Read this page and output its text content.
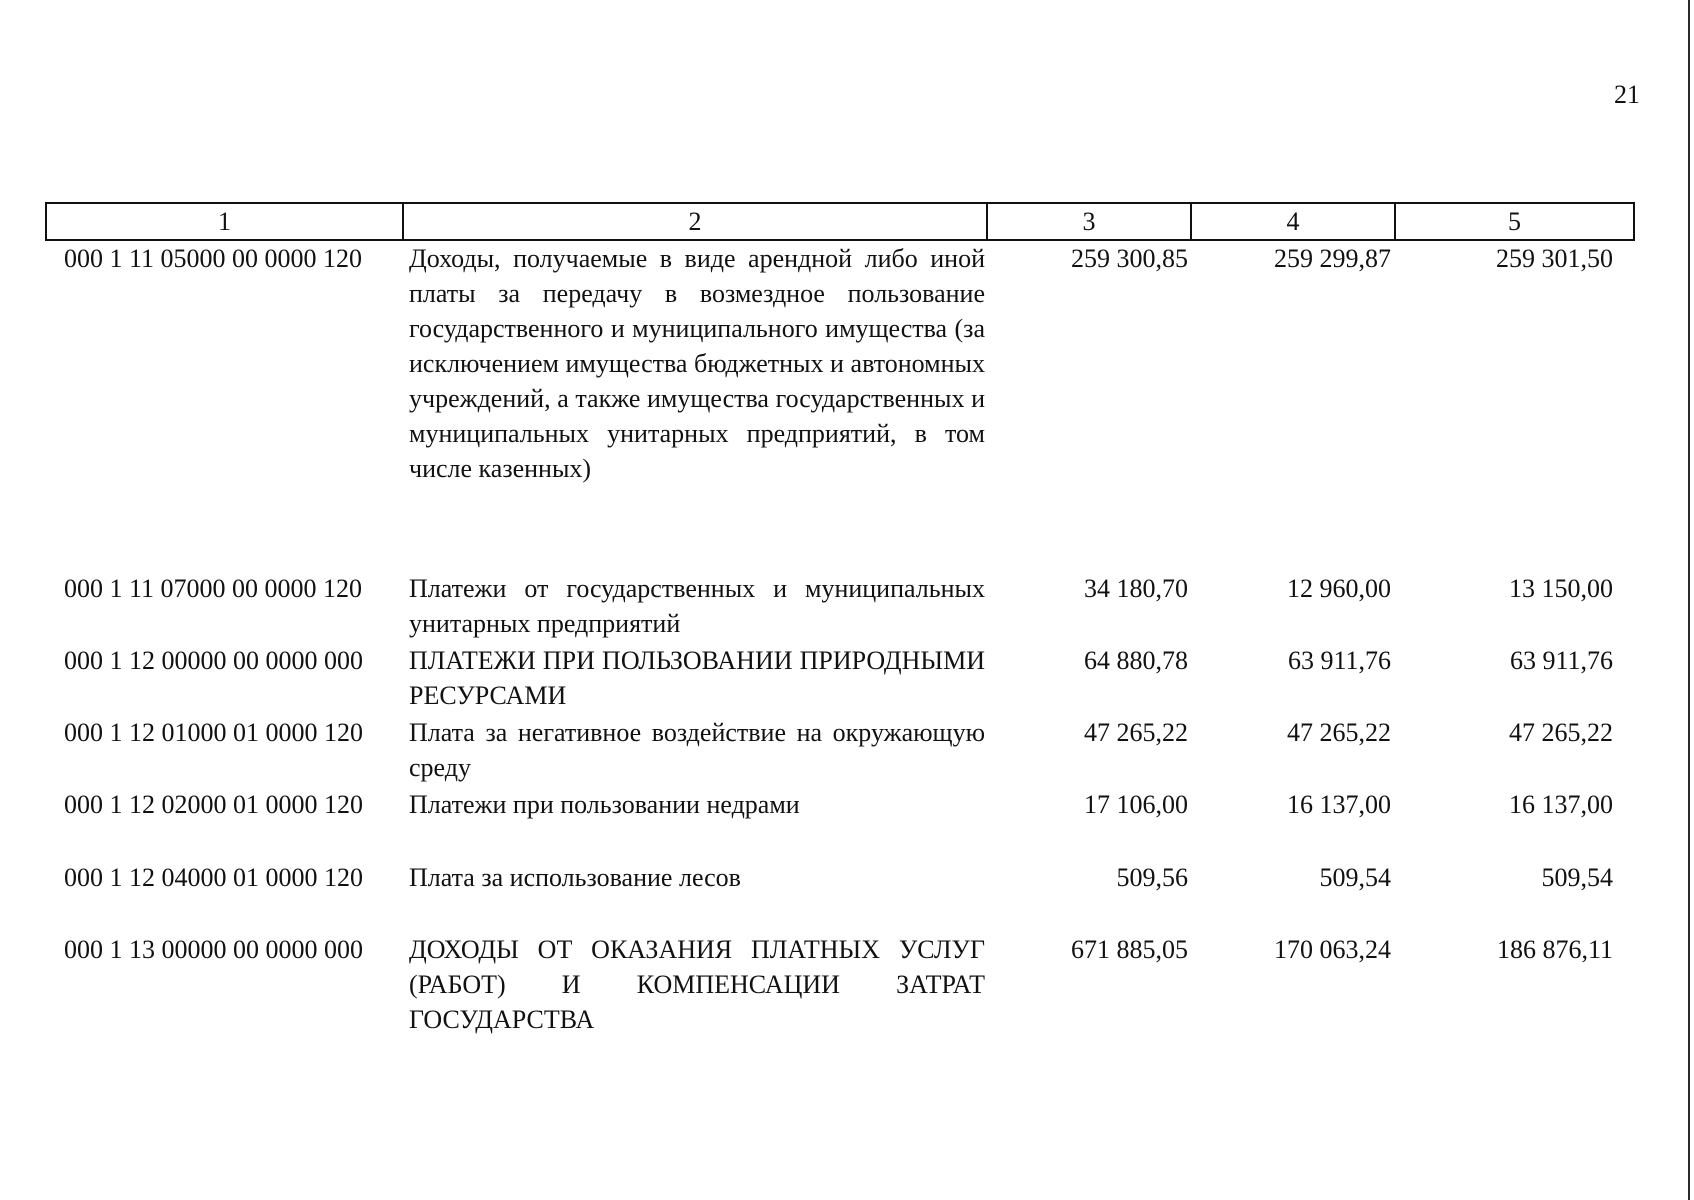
21
1	2	3	4	5
000 1 11 05000 00 0000 120	Доходы, получаемые в виде арендной либо иной платы за передачу в возмездное пользование государственного и муниципального имущества (за исключением имущества бюджетных и автономных учреждений, а также имущества государственных и муниципальных унитарных предприятий, в том числе казенных)	259 300,85	259 299,87	259 301,50
000 1 11 07000 00 0000 120	Платежи от государственных и муниципальных унитарных предприятий	34 180,70	12 960,00	13 150,00
000 1 12 00000 00 0000 000	ПЛАТЕЖИ ПРИ ПОЛЬЗОВАНИИ ПРИРОДНЫМИ РЕСУРСАМИ	64 880,78	63 911,76	63 911,76
000 1 12 01000 01 0000 120	Плата за негативное воздействие на окружающую среду	47 265,22	47 265,22	47 265,22
000 1 12 02000 01 0000 120	Платежи при пользовании недрами	17 106,00	16 137,00	16 137,00
000 1 12 04000 01 0000 120	Плата за использование лесов	509,56	509,54	509,54
000 1 13 00000 00 0000 000	ДОХОДЫ ОТ ОКАЗАНИЯ ПЛАТНЫХ УСЛУГ (РАБОТ) И КОМПЕНСАЦИИ ЗАТРАТ ГОСУДАРСТВА	671 885,05	170 063,24	186 876,11
